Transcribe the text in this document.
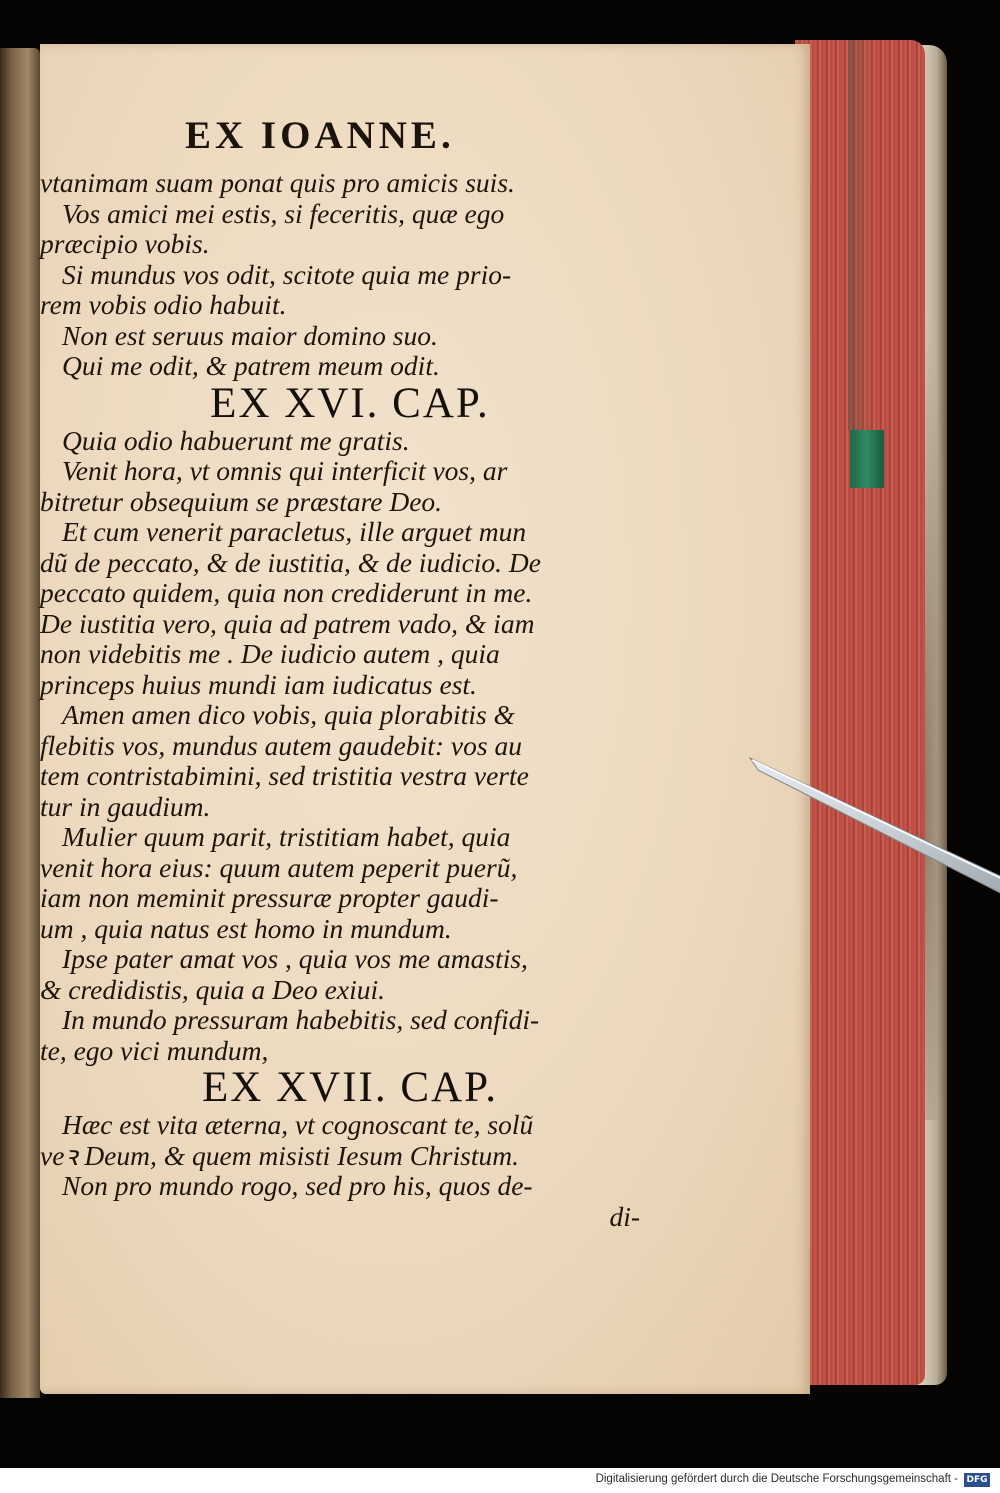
EX IOANNE.
vtanimam suam ponat quis pro amicis suis.
Vos amici mei estis, si feceritis, quæ ego
præcipio vobis.
Si mundus vos odit, scitote quia me prio-
rem vobis odio habuit.
Non est seruus maior domino suo.
Qui me odit, & patrem meum odit.
EX XVI. CAP.
Quia odio habuerunt me gratis.
Venit hora, vt omnis qui interficit vos, ar
bitretur obsequium se præstare Deo.
Et cum venerit paracletus, ille arguet mun
dũ de peccato, & de iustitia, & de iudicio. De
peccato quidem, quia non crediderunt in me.
De iustitia vero, quia ad patrem vado, & iam
non videbitis me . De iudicio autem , quia
princeps huius mundi iam iudicatus est.
Amen amen dico vobis, quia plorabitis &
flebitis vos, mundus autem gaudebit: vos au
tem contristabimini, sed tristitia vestra verte
tur in gaudium.
Mulier quum parit, tristitiam habet, quia
venit hora eius: quum autem peperit puerũ,
iam non meminit pressuræ propter gaudi-
um , quia natus est homo in mundum.
Ipse pater amat vos , quia vos me amastis,
& credidistis, quia a Deo exiui.
In mundo pressuram habebitis, sed confidi-
te, ego vici mundum,
EX XVII. CAP.
Hæc est vita æterna, vt cognoscant te, solũ
veꝛ Deum, & quem misisti Iesum Christum.
Non pro mundo rogo, sed pro his, quos de-
di-
Digitalisierung gefördert durch die Deutsche Forschungsgemeinschaft - DFG
